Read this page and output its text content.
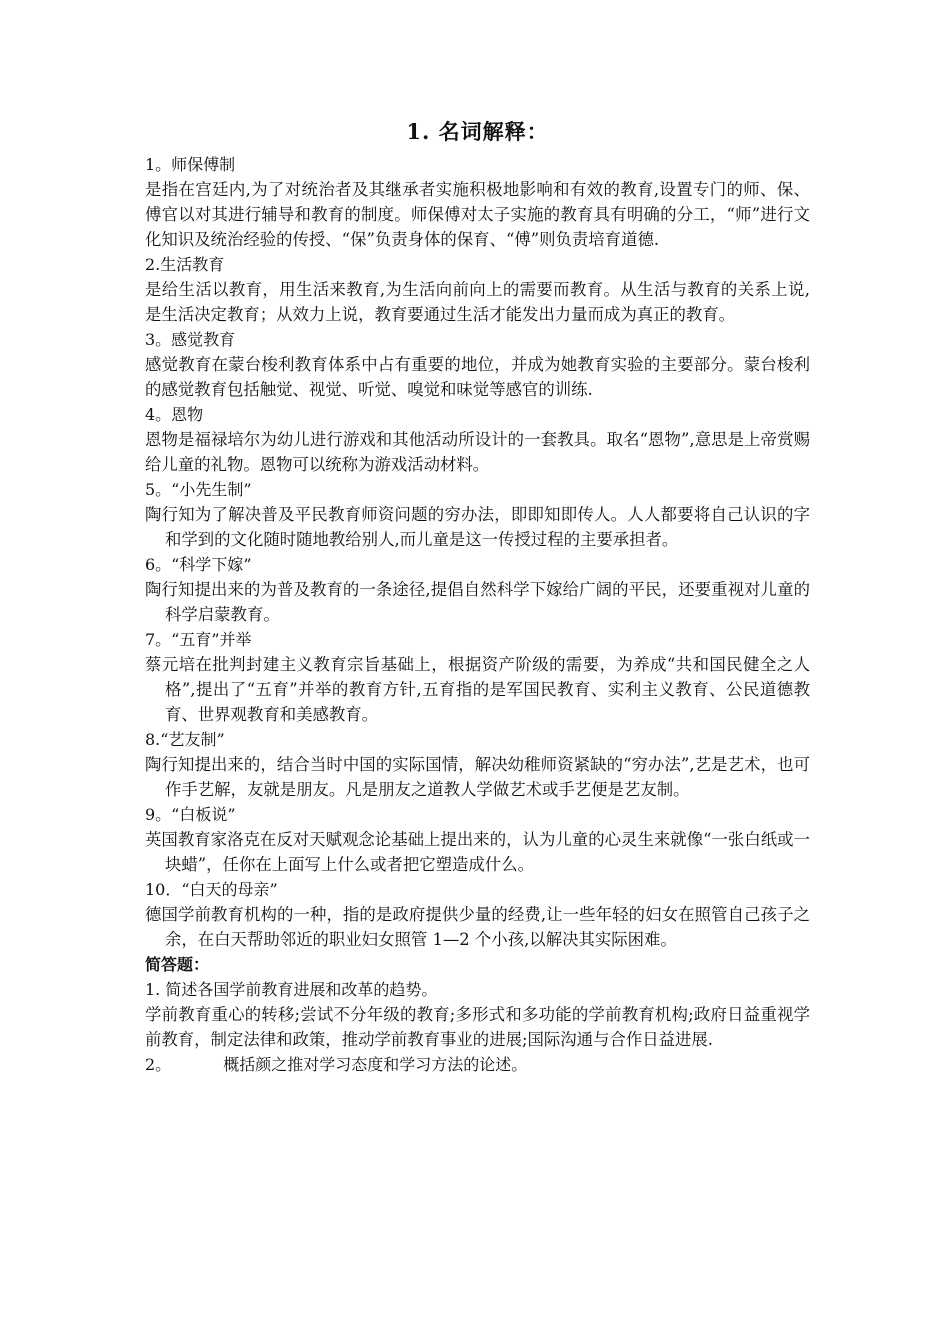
1. 名词解释：

1。师保傅制

是指在宫廷内,为了对统治者及其继承者实施积极地影响和有效的教育,设置专门的师、保、傅官以对其进行辅导和教育的制度。师保傅对太子实施的教育具有明确的分工，“师”进行文化知识及统治经验的传授、“保”负责身体的保育、“傅”则负责培育道德.

2.生活教育

是给生活以教育，用生活来教育,为生活向前向上的需要而教育。从生活与教育的关系上说,是生活决定教育；从效力上说，教育要通过生活才能发出力量而成为真正的教育。

3。感觉教育

感觉教育在蒙台梭利教育体系中占有重要的地位，并成为她教育实验的主要部分。蒙台梭利的感觉教育包括触觉、视觉、听觉、嗅觉和味觉等感官的训练.

4。恩物

恩物是福禄培尔为幼儿进行游戏和其他活动所设计的一套教具。取名“恩物”,意思是上帝赏赐给儿童的礼物。恩物可以统称为游戏活动材料。

5。“小先生制”

陶行知为了解决普及平民教育师资问题的穷办法，即即知即传人。人人都要将自己认识的字和学到的文化随时随地教给别人,而儿童是这一传授过程的主要承担者。

6。“科学下嫁”

陶行知提出来的为普及教育的一条途径,提倡自然科学下嫁给广阔的平民，还要重视对儿童的科学启蒙教育。

7。“五育”并举

蔡元培在批判封建主义教育宗旨基础上，根据资产阶级的需要，为养成“共和国民健全之人格”,提出了“五育”并举的教育方针,五育指的是军国民教育、实利主义教育、公民道德教育、世界观教育和美感教育。

8.“艺友制”

陶行知提出来的，结合当时中国的实际国情，解决幼稚师资紧缺的“穷办法”,艺是艺术，也可作手艺解，友就是朋友。凡是朋友之道教人学做艺术或手艺便是艺友制。

9。“白板说”

英国教育家洛克在反对天赋观念论基础上提出来的，认为儿童的心灵生来就像“一张白纸或一块蜡”，任你在上面写上什么或者把它塑造成什么。

10．“白天的母亲”

德国学前教育机构的一种，指的是政府提供少量的经费,让一些年轻的妇女在照管自己孩子之余，在白天帮助邻近的职业妇女照管 1—2 个小孩,以解决其实际困难。

简答题：

1. 简述各国学前教育进展和改革的趋势。

学前教育重心的转移;尝试不分年级的教育;多形式和多功能的学前教育机构;政府日益重视学前教育，制定法律和政策，推动学前教育事业的进展;国际沟通与合作日益进展.

2。	概括颜之推对学习态度和学习方法的论述。
